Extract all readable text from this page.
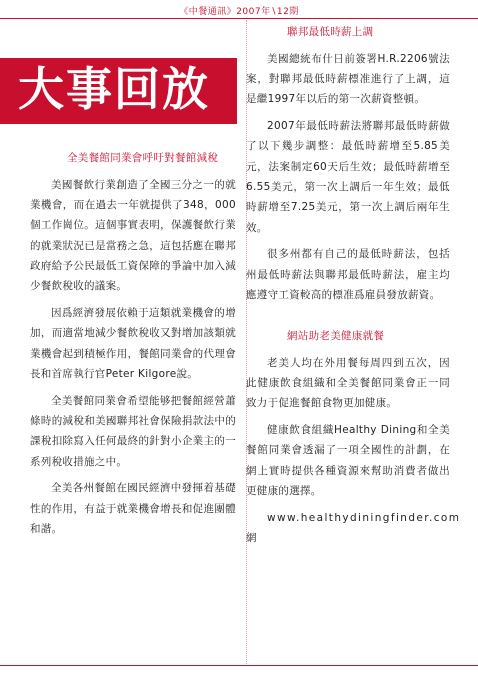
《中餐通訊》2007年∖12期
大事回放

全美餐館同業會呼吁對餐館減稅

美國餐飲行業創造了全國三分之一的就業機會，而在過去一年就提供了348，000個工作崗位。這個事實表明，保護餐飲行業的就業狀況已是當務之急，這包括應在聯邦政府給予公民最低工資保障的爭論中加入減少餐飲稅收的議案。

因爲經濟發展依賴于這類就業機會的增加，而適當地減少餐飲稅收又對增加該類就業機會起到積極作用，餐館同業會的代理會長和首席執行官Peter Kilgore說。

全美餐館同業會希望能够把餐館經營蕭條時的減稅和美國聯邦社會保險捐款法中的課稅扣除寫入任何最終的針對小企業主的一系列稅收措施之中。

全美各州餐館在國民經濟中發揮着基礎性的作用，有益于就業機會增長和促進團體和諧。

聯邦最低時薪上調

美國總統布什日前簽署H.R.2206號法案，對聯邦最低時薪標准進行了上調，這是繼1997年以后的第一次薪資整頓。

2007年最低時薪法將聯邦最低時薪做了以下幾步調整：最低時薪增至5.85美元，法案制定60天后生效；最低時薪增至6.55美元，第一次上調后一年生效；最低時薪增至7.25美元，第一次上調后兩年生效。

很多州都有自己的最低時薪法，包括州最低時薪法與聯邦最低時薪法，雇主均應遵守工資較高的標准爲雇員發放薪資。

網站助老美健康就餐

老美人均在外用餐每周四到五次，因此健康飲食組織和全美餐館同業會正一同致力于促進餐館食物更加健康。

健康飲食組織Healthy Dining和全美餐館同業會透漏了一項全國性的計劃，在網上實時提供各種資源來幫助消費者做出更健康的選擇。

www.healthydiningfinder.com網
